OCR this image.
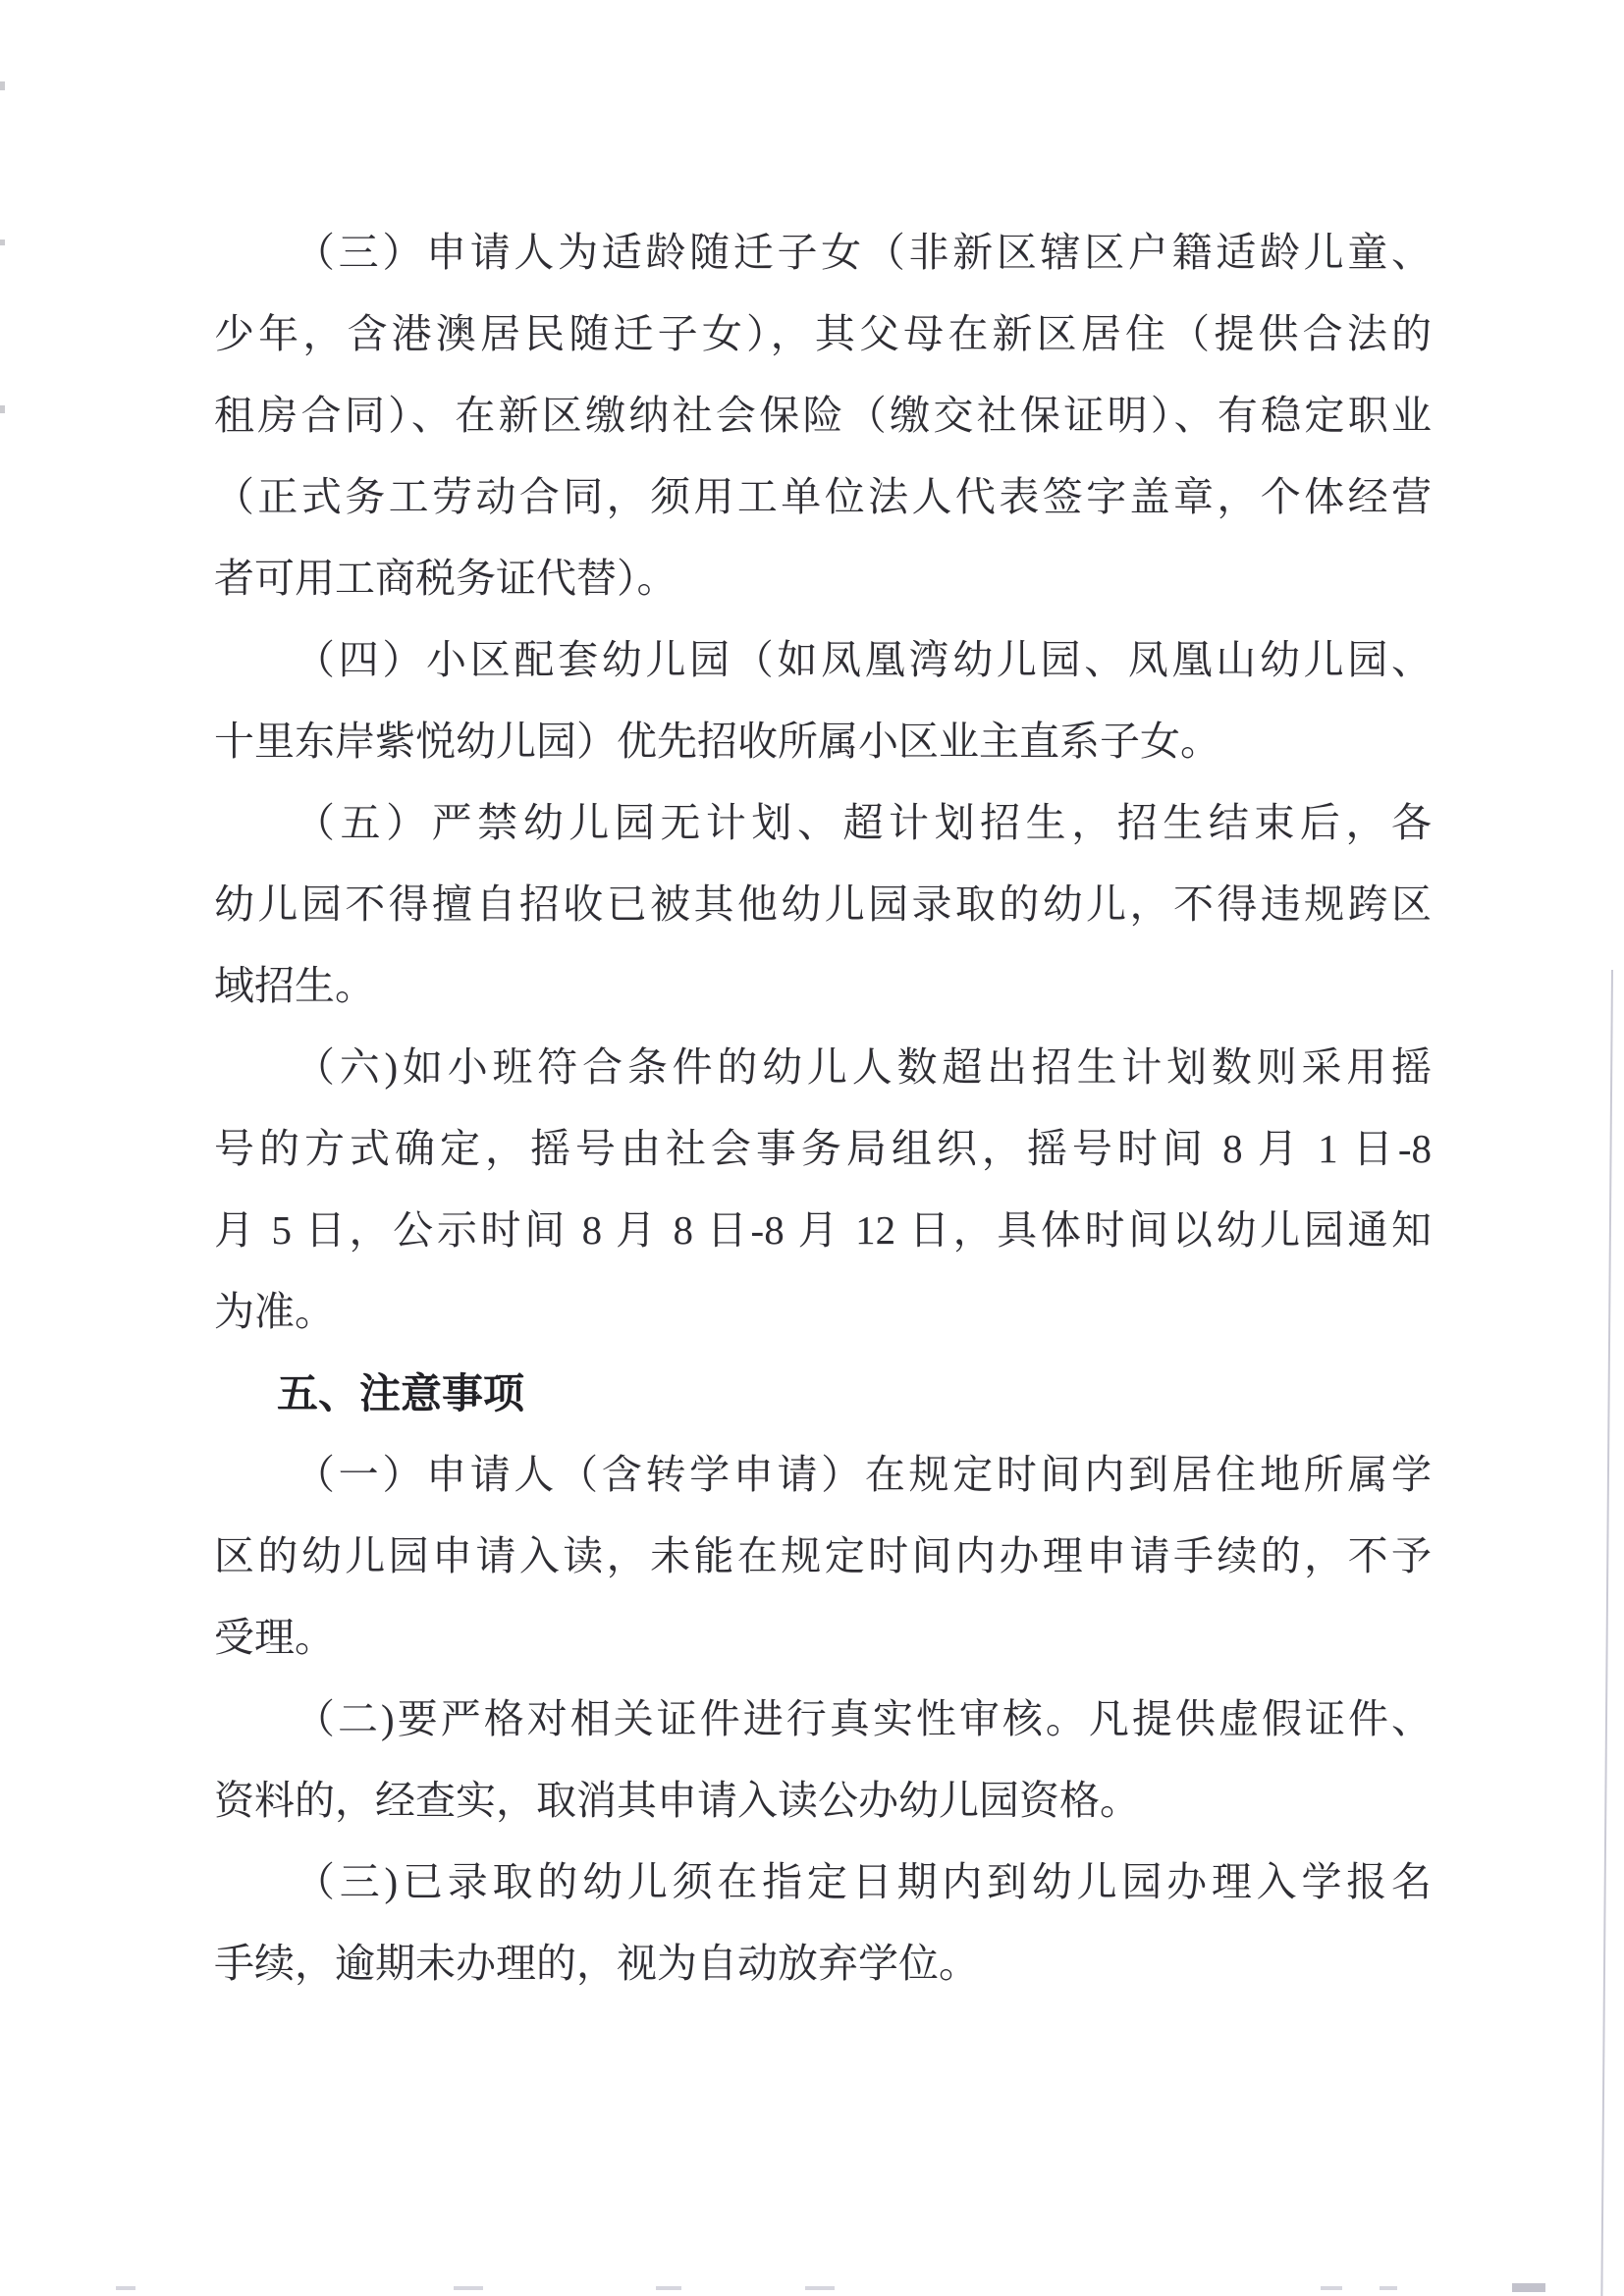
（三）申请人为适龄随迁子女（非新区辖区户籍适龄儿童、
少年，含港澳居民随迁子女），其父母在新区居住（提供合法的
租房合同）、在新区缴纳社会保险（缴交社保证明）、有稳定职业
（正式务工劳动合同，须用工单位法人代表签字盖章，个体经营
者可用工商税务证代替）。
（四）小区配套幼儿园（如凤凰湾幼儿园、凤凰山幼儿园、
十里东岸紫悦幼儿园）优先招收所属小区业主直系子女。
（五）严禁幼儿园无计划、超计划招生，招生结束后，各
幼儿园不得擅自招收已被其他幼儿园录取的幼儿，不得违规跨区
域招生。
（六)如小班符合条件的幼儿人数超出招生计划数则采用摇
号的方式确定，摇号由社会事务局组织，摇号时间 8 月 1 日-8
月 5 日，公示时间 8 月 8 日-8 月 12 日，具体时间以幼儿园通知
为准。
五、注意事项
（一）申请人（含转学申请）在规定时间内到居住地所属学
区的幼儿园申请入读，未能在规定时间内办理申请手续的，不予
受理。
（二)要严格对相关证件进行真实性审核。凡提供虚假证件、
资料的，经查实，取消其申请入读公办幼儿园资格。
（三)已录取的幼儿须在指定日期内到幼儿园办理入学报名
手续，逾期未办理的，视为自动放弃学位。
